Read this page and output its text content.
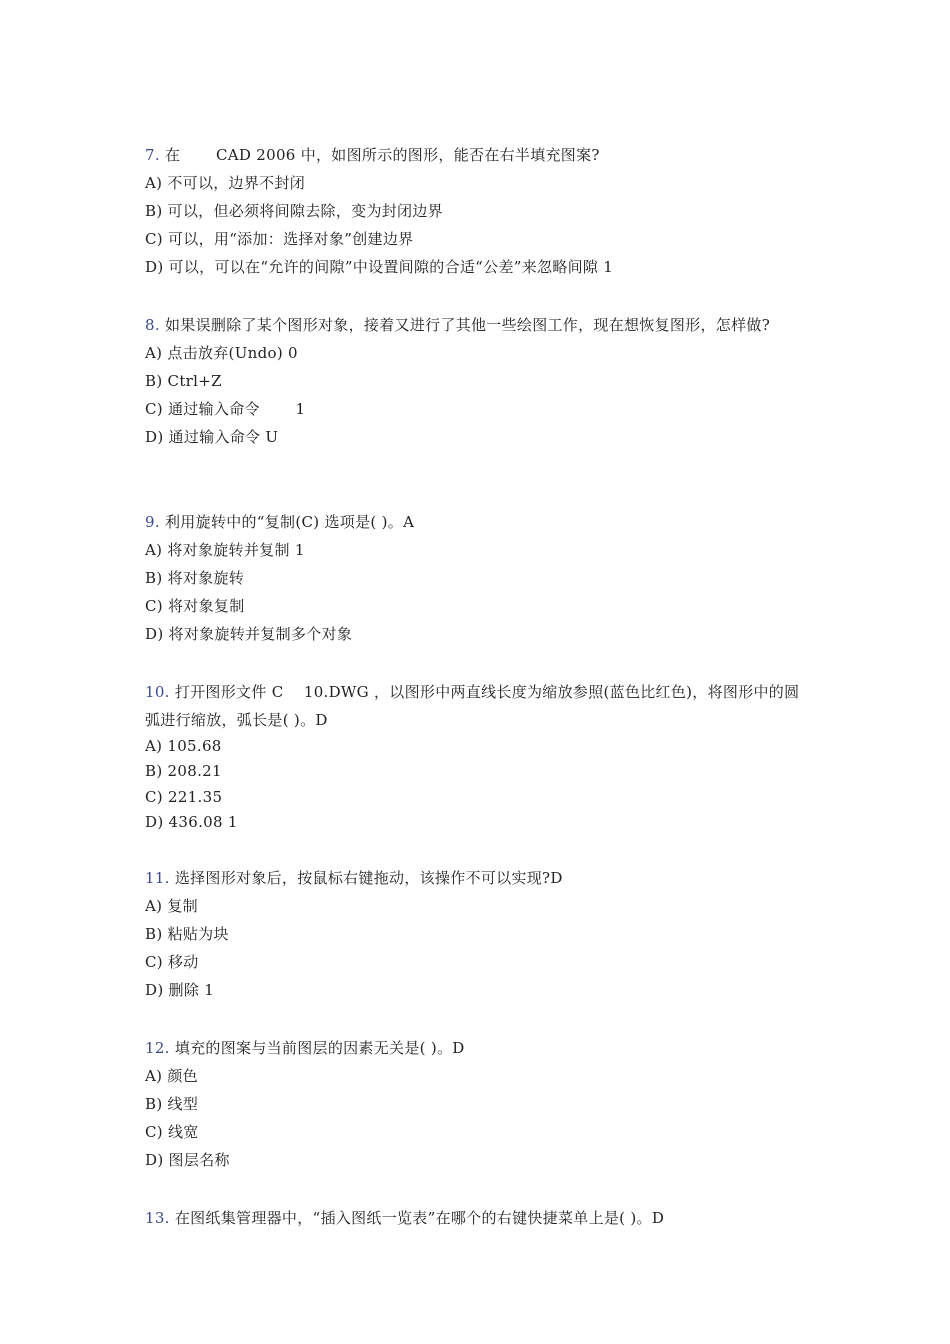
7. 在　　 CAD 2006 中，如图所示的图形，能否在右半填充图案?

A) 不可以，边界不封闭

B) 可以，但必须将间隙去除，变为封闭边界

C) 可以，用“添加：选择对象”创建边界

D) 可以，可以在“允许的间隙”中设置间隙的合适“公差”来忽略间隙 1

8. 如果误删除了某个图形对象，接着又进行了其他一些绘图工作，现在想恢复图形，怎样做?

A) 点击放弃(Undo) 0

B) Ctrl+Z

C) 通过输入命令　　 1

D) 通过输入命令 U

9. 利用旋转中的“复制(C) 选项是( )。A

A) 将对象旋转并复制 1

B) 将对象旋转

C) 将对象复制

D) 将对象旋转并复制多个对象

10. 打开图形文件 C　 10.DWG ，以图形中两直线长度为缩放参照(蓝色比红色)，将图形中的圆弧进行缩放，弧长是( )。D

A) 105.68

B) 208.21

C) 221.35

D) 436.08 1

11. 选择图形对象后，按鼠标右键拖动，该操作不可以实现?D

A) 复制

B) 粘贴为块

C) 移动

D) 删除 1

12. 填充的图案与当前图层的因素无关是( )。D

A) 颜色

B) 线型

C) 线宽

D) 图层名称

13. 在图纸集管理器中，“插入图纸一览表”在哪个的右键快捷菜单上是( )。D
